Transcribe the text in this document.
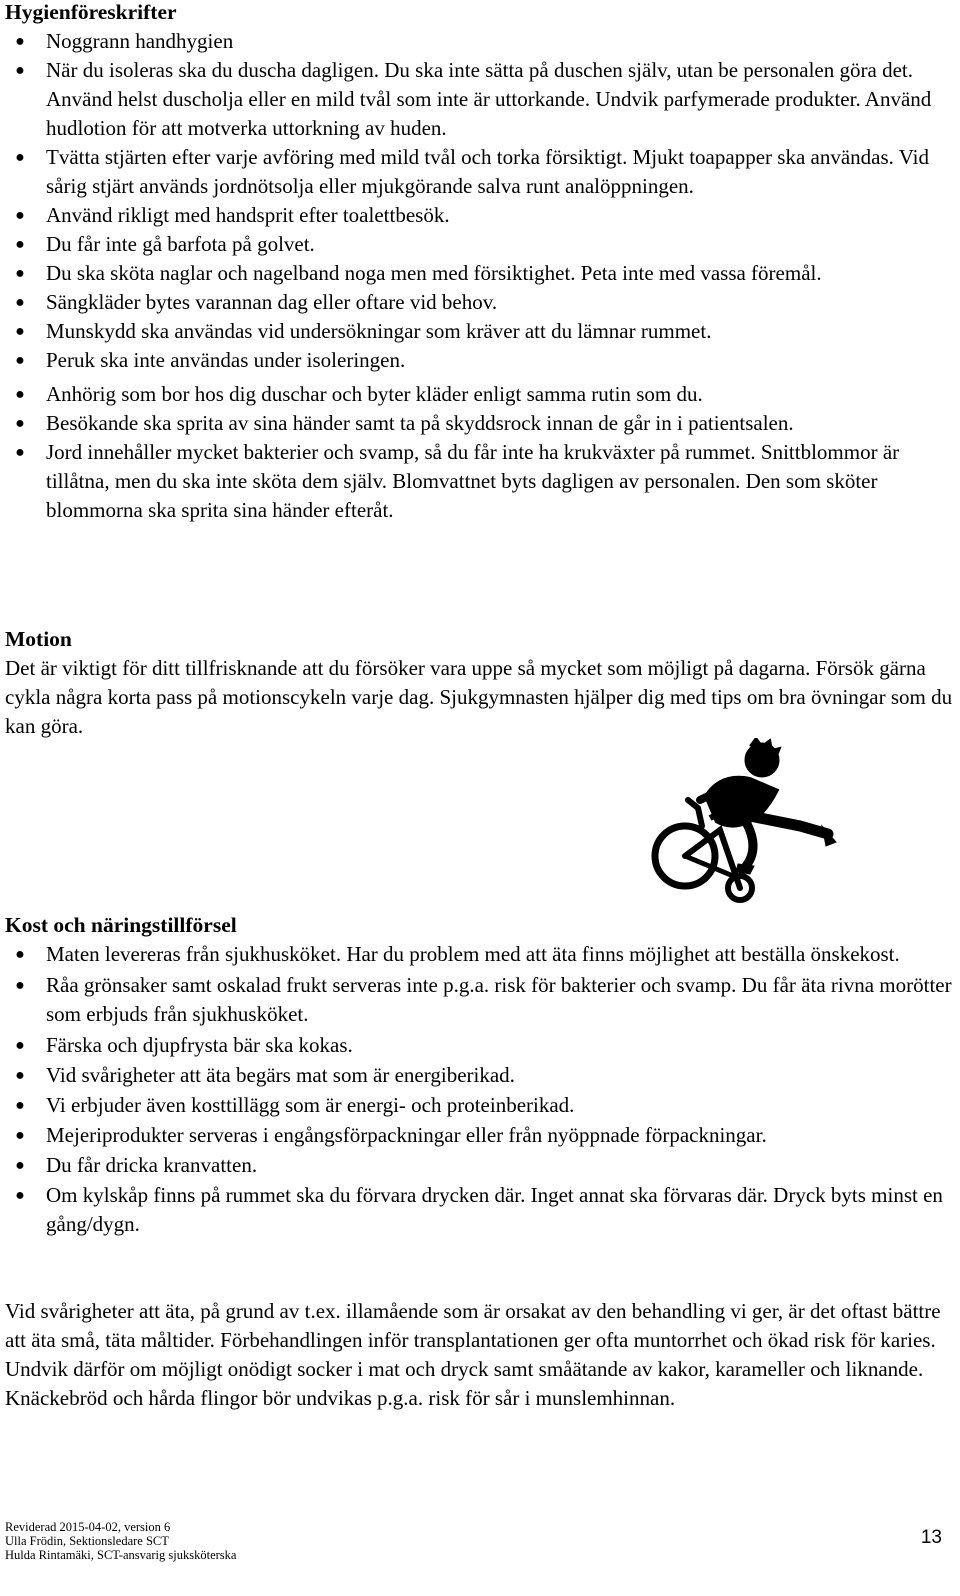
Hygienföreskrifter
● Noggrann handhygien
● När du isoleras ska du duscha dagligen. Du ska inte sätta på duschen själv, utan be personalen göra det. Använd helst duscholja eller en mild tvål som inte är uttorkande. Undvik parfymerade produkter. Använd hudlotion för att motverka uttorkning av huden.
● Tvätta stjärten efter varje avföring med mild tvål och torka försiktigt. Mjukt toapapper ska användas. Vid sårig stjärt används jordnötsolja eller mjukgörande salva runt analöppningen.
● Använd rikligt med handsprit efter toalettbesök.
● Du får inte gå barfota på golvet.
● Du ska sköta naglar och nagelband noga men med försiktighet. Peta inte med vassa föremål.
● Sängkläder bytes varannan dag eller oftare vid behov.
● Munskydd ska användas vid undersökningar som kräver att du lämnar rummet.
● Peruk ska inte användas under isoleringen.
● Anhörig som bor hos dig duschar och byter kläder enligt samma rutin som du.
● Besökande ska sprita av sina händer samt ta på skyddsrock innan de går in i patientsalen.
● Jord innehåller mycket bakterier och svamp, så du får inte ha krukväxter på rummet. Snittblommor är tillåtna, men du ska inte sköta dem själv. Blomvattnet byts dagligen av personalen. Den som sköter blommorna ska sprita sina händer efteråt.
Motion

Det är viktigt för ditt tillfrisknande att du försöker vara uppe så mycket som möjligt på dagarna. Försök gärna cykla några korta pass på motionscykeln varje dag. Sjukgymnasten hjälper dig med tips om bra övningar som du kan göra.

Kost och näringstillförsel
● Maten levereras från sjukhusköket. Har du problem med att äta finns möjlighet att beställa önskekost.
● Råa grönsaker samt oskalad frukt serveras inte p.g.a. risk för bakterier och svamp. Du får äta rivna morötter som erbjuds från sjukhusköket.
● Färska och djupfrysta bär ska kokas.
● Vid svårigheter att äta begärs mat som är energiberikad.
● Vi erbjuder även kosttillägg som är energi- och proteinberikad.
● Mejeriprodukter serveras i engångsförpackningar eller från nyöppnade förpackningar.
● Du får dricka kranvatten.
● Om kylskåp finns på rummet ska du förvara drycken där. Inget annat ska förvaras där. Dryck byts minst en gång/dygn.

Vid svårigheter att äta, på grund av t.ex. illamående som är orsakat av den behandling vi ger, är det oftast bättre att äta små, täta måltider. Förbehandlingen inför transplantationen ger ofta muntorrhet och ökad risk för karies. Undvik därför om möjligt onödigt socker i mat och dryck samt småätande av kakor, karameller och liknande. Knäckebröd och hårda flingor bör undvikas p.g.a. risk för sår i munslemhinnan.

Reviderad 2015-04-02, version 6
Ulla Frödin, Sektionsledare SCT
Hulda Rintamäki, SCT-ansvarig sjuksköterska
13
